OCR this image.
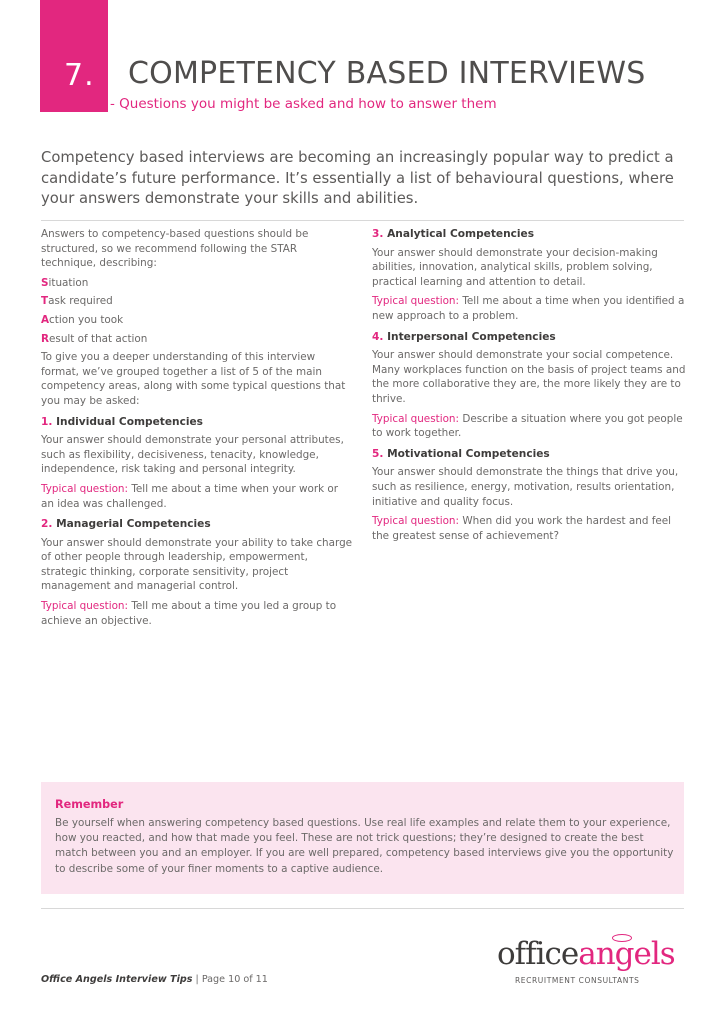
7. COMPETENCY BASED INTERVIEWS
- Questions you might be asked and how to answer them
Competency based interviews are becoming an increasingly popular way to predict a candidate’s future performance. It’s essentially a list of behavioural questions, where your answers demonstrate your skills and abilities.

Answers to competency-based questions should be structured, so we recommend following the STAR technique, describing:

Situation
Task required
Action you took
Result of that action

To give you a deeper understanding of this interview format, we’ve grouped together a list of 5 of the main competency areas, along with some typical questions that you may be asked:

1. Individual Competencies

Your answer should demonstrate your personal attributes, such as flexibility, decisiveness, tenacity, knowledge, independence, risk taking and personal integrity.

Typical question: Tell me about a time when your work or an idea was challenged.

2. Managerial Competencies

Your answer should demonstrate your ability to take charge of other people through leadership, empowerment, strategic thinking, corporate sensitivity, project management and managerial control.

Typical question: Tell me about a time you led a group to achieve an objective.

3. Analytical Competencies

Your answer should demonstrate your decision-making abilities, innovation, analytical skills, problem solving, practical learning and attention to detail.

Typical question: Tell me about a time when you identified a new approach to a problem.

4. Interpersonal Competencies

Your answer should demonstrate your social competence. Many workplaces function on the basis of project teams and the more collaborative they are, the more likely they are to thrive.

Typical question: Describe a situation where you got people to work together.

5. Motivational Competencies

Your answer should demonstrate the things that drive you, such as resilience, energy, motivation, results orientation, initiative and quality focus.

Typical question: When did you work the hardest and feel the greatest sense of achievement?

Remember
Be yourself when answering competency based questions. Use real life examples and relate them to your experience, how you reacted, and how that made you feel. These are not trick questions; they’re designed to create the best match between you and an employer. If you are well prepared, competency based interviews give you the opportunity to describe some of your finer moments to a captive audience.
Office Angels Interview Tips | Page 10 of 11
officeangels
RECRUITMENT CONSULTANTS
